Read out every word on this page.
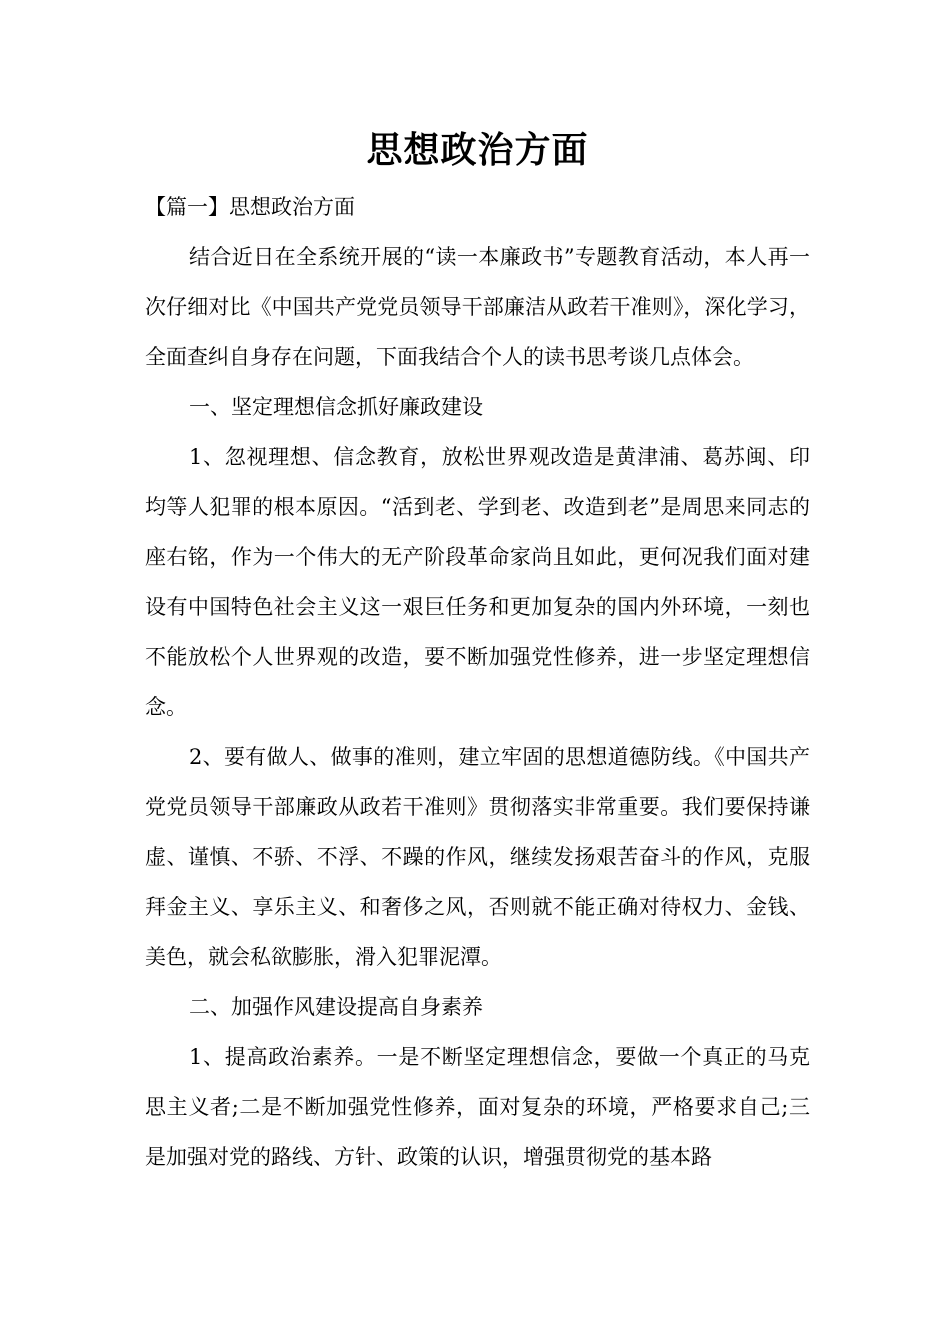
思想政治方面

【篇一】思想政治方面

结合近日在全系统开展的“读一本廉政书”专题教育活动，本人再一次仔细对比《中国共产党党员领导干部廉洁从政若干准则》，深化学习，全面查纠自身存在问题，下面我结合个人的读书思考谈几点体会。

一、坚定理想信念抓好廉政建设

1、忽视理想、信念教育，放松世界观改造是黄津浦、葛苏闽、印均等人犯罪的根本原因。“活到老、学到老、改造到老”是周思来同志的座右铭，作为一个伟大的无产阶段革命家尚且如此，更何况我们面对建设有中国特色社会主义这一艰巨任务和更加复杂的国内外环境，一刻也不能放松个人世界观的改造，要不断加强党性修养，进一步坚定理想信念。

2、要有做人、做事的准则，建立牢固的思想道德防线。《中国共产党党员领导干部廉政从政若干准则》贯彻落实非常重要。我们要保持谦虚、谨慎、不骄、不浮、不躁的作风，继续发扬艰苦奋斗的作风，克服拜金主义、享乐主义、和奢侈之风，否则就不能正确对待权力、金钱、美色，就会私欲膨胀，滑入犯罪泥潭。

二、加强作风建设提高自身素养

1、提高政治素养。一是不断坚定理想信念，要做一个真正的马克思主义者;二是不断加强党性修养，面对复杂的环境，严格要求自己;三是加强对党的路线、方针、政策的认识，增强贯彻党的基本路
